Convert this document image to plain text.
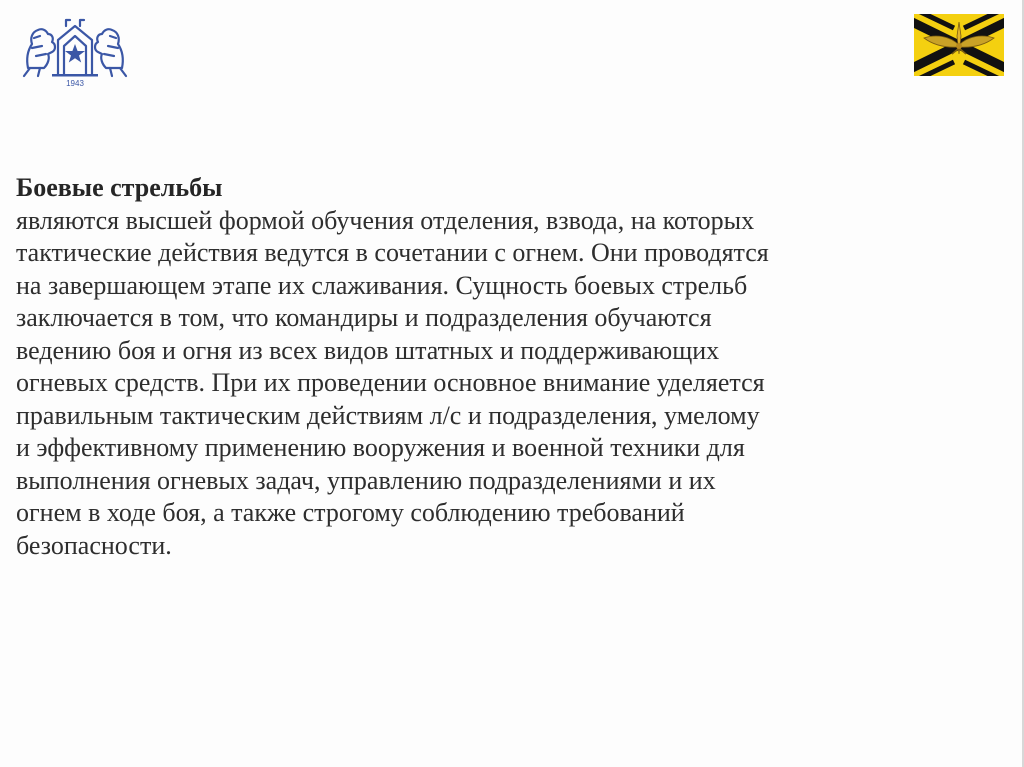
1943
Боевые стрельбы
являются высшей формой обучения отделения, взвода, на которых
тактические действия ведутся в сочетании с огнем. Они проводятся
на завершающем этапе их слаживания. Сущность боевых стрельб
заключается в том, что командиры и подразделения обучаются
ведению боя и огня из всех видов штатных и поддерживающих
огневых средств. При их проведении основное внимание уделяется
правильным тактическим действиям л/с и подразделения, умелому
и эффективному применению вооружения и военной техники для
выполнения огневых задач, управлению подразделениями и их
огнем в ходе боя, а также строгому соблюдению требований
безопасности.
